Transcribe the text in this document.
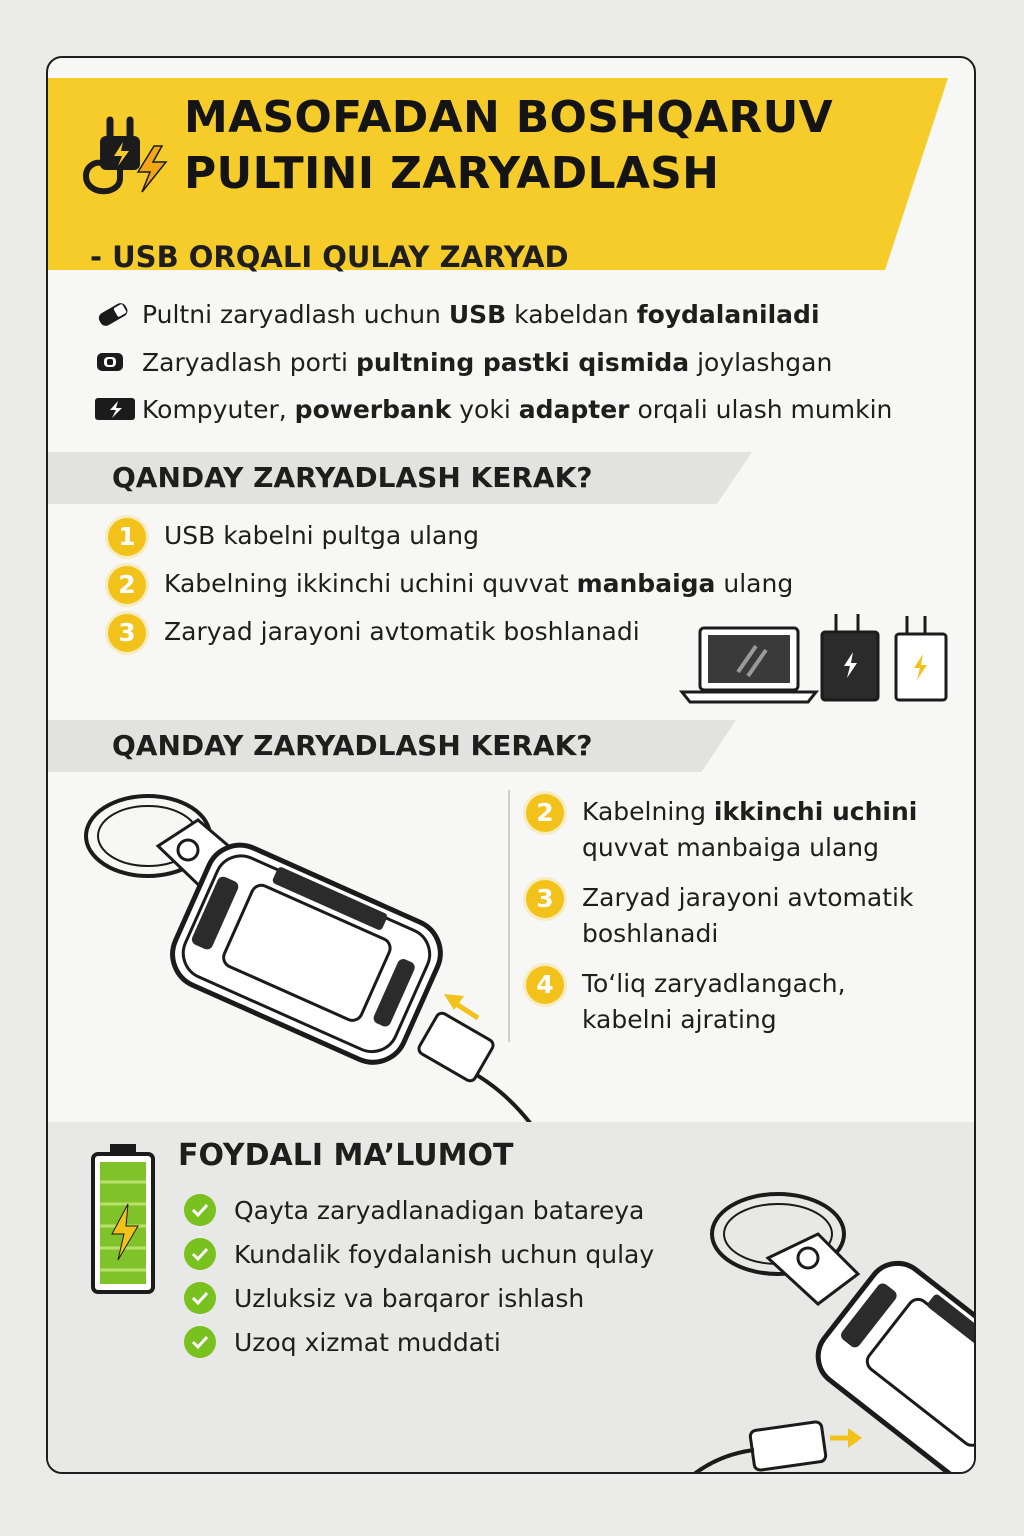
MASOFADAN BOSHQARUV
PULTINI ZARYADLASH

- USB ORQALI QULAY ZARYAD

Pultni zaryadlash uchun USB kabeldan foydalaniladi
Zaryadlash porti pultning pastki qismida joylashgan
Kompyuter, powerbank yoki adapter orqali ulash mumkin

QANDAY ZARYADLASH KERAK?

1	USB kabelni pultga ulang
2	Kabelning ikkinchi uchini quvvat manbaiga ulang
3	Zaryad jarayoni avtomatik boshlanadi

QANDAY ZARYADLASH KERAK?

2	Kabelning ikkinchi uchini
quvvat manbaiga ulang
3	Zaryad jarayoni avtomatik
boshlanadi
4	Toʻliq zaryadlangach,
kabelni ajrating

FOYDALI MA’LUMOT

Qayta zaryadlanadigan batareya
Kundalik foydalanish uchun qulay
Uzluksiz va barqaror ishlash
Uzoq xizmat muddati
